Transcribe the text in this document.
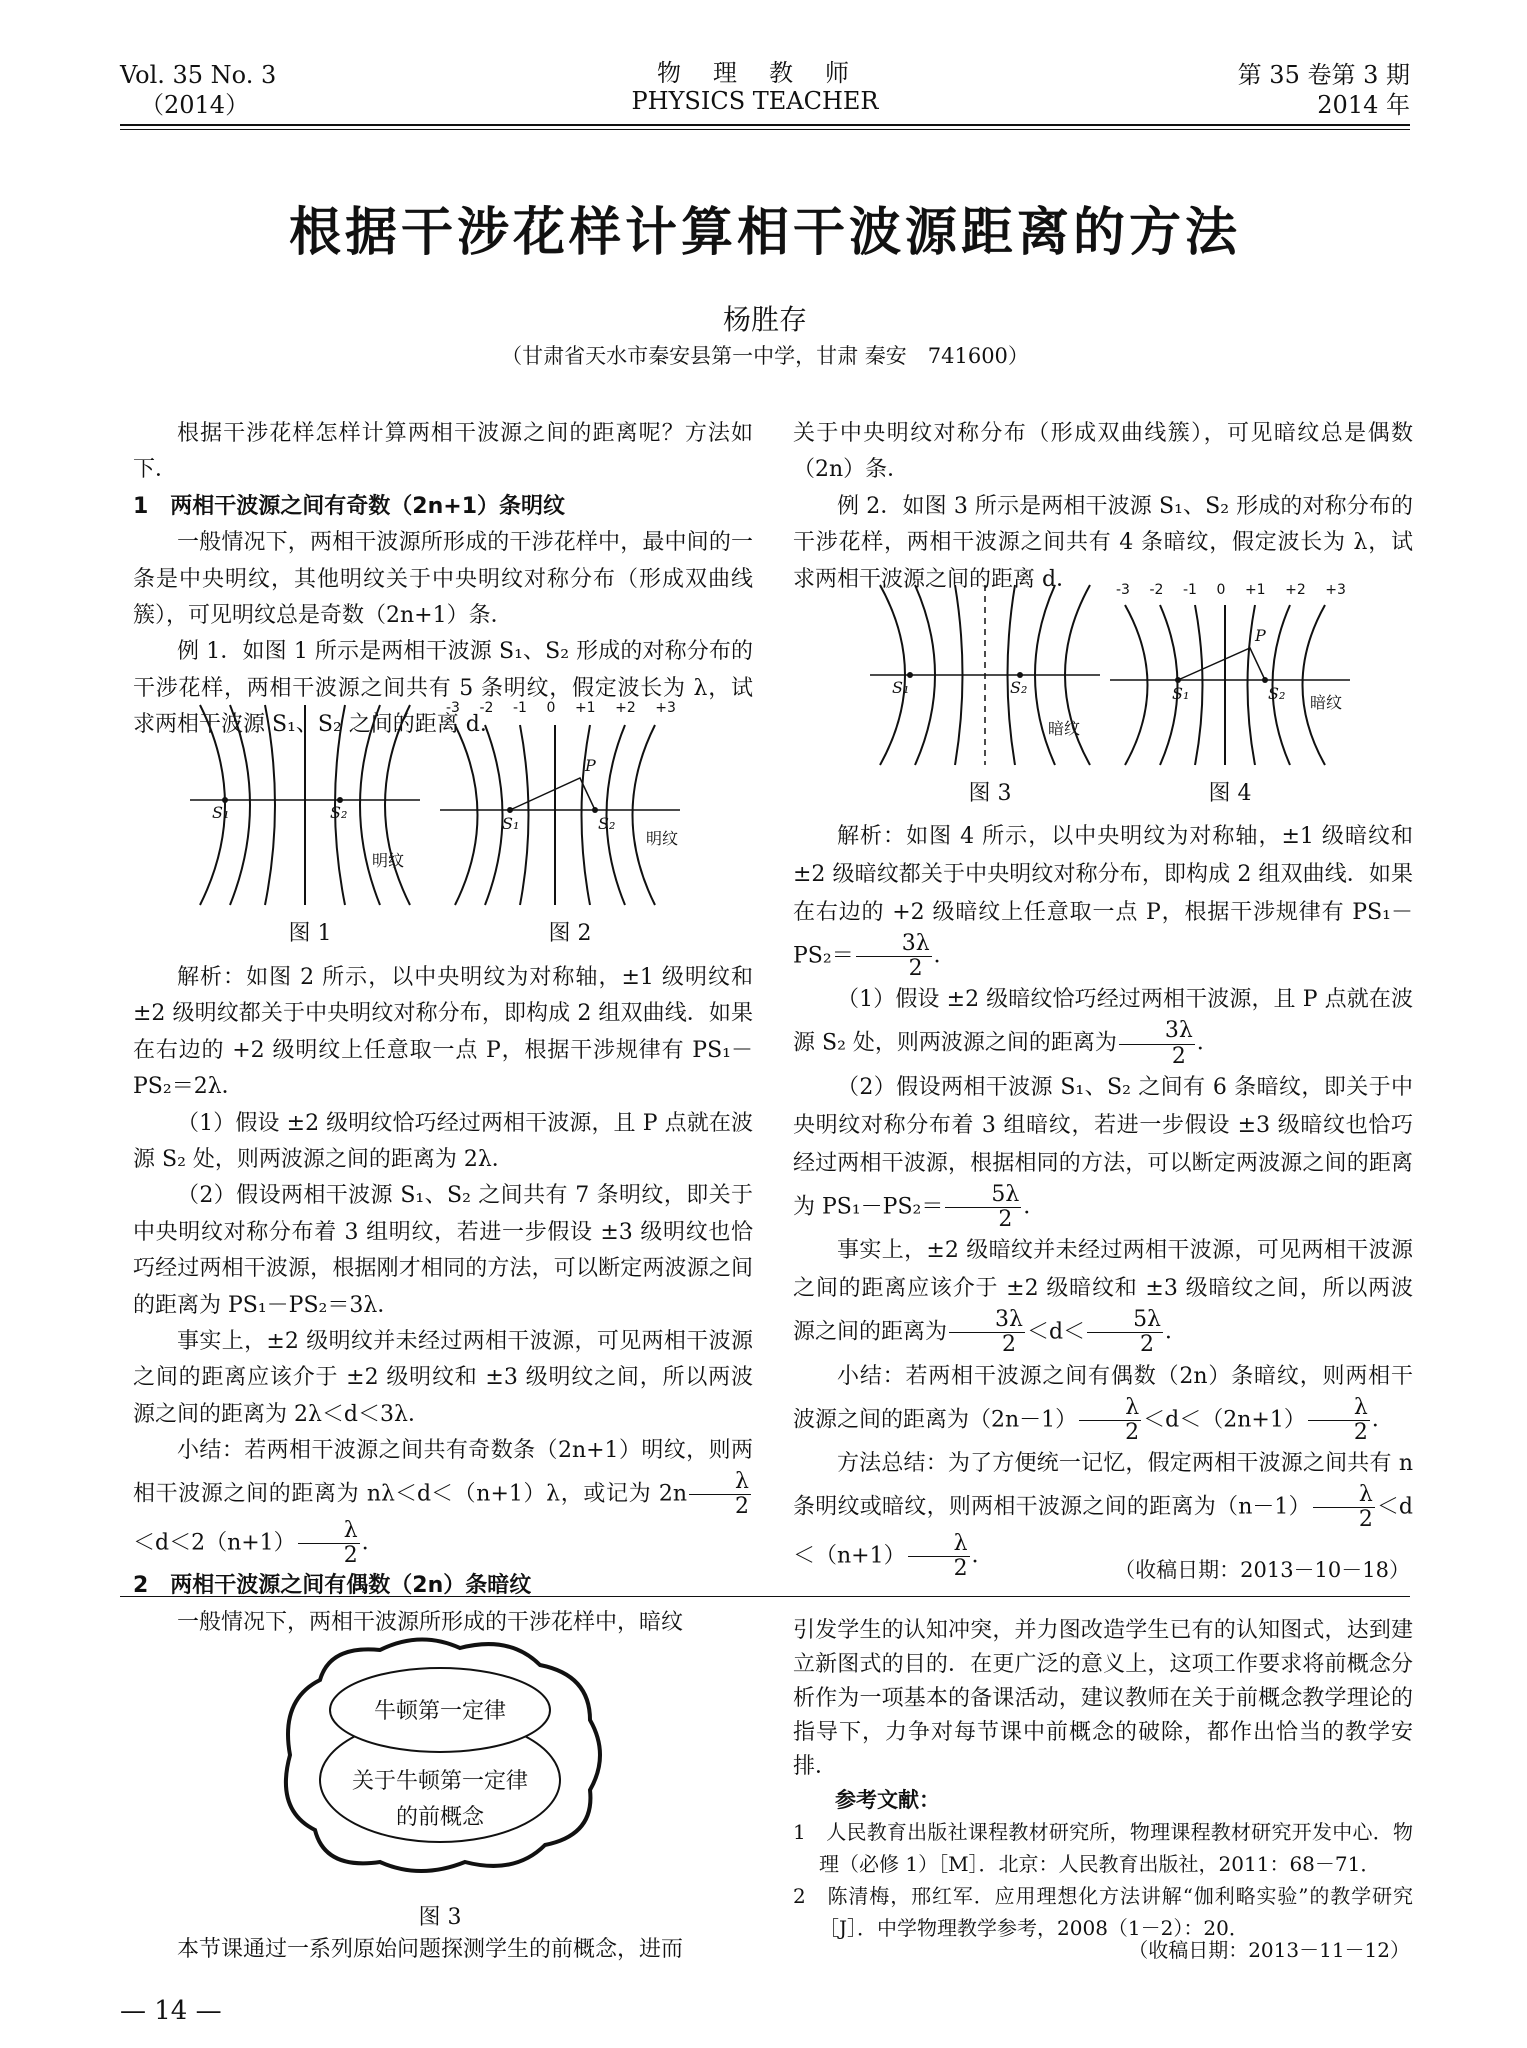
Vol. 35 No. 3
（2014）
物　理　教　师
PHYSICS TEACHER
第 35 卷第 3 期
2014 年
根据干涉花样计算相干波源距离的方法
杨胜存
（甘肃省天水市秦安县第一中学，甘肃 秦安　741600）

根据干涉花样怎样计算两相干波源之间的距离呢？方法如下．

1　两相干波源之间有奇数（2n+1）条明纹

一般情况下，两相干波源所形成的干涉花样中，最中间的一条是中央明纹，其他明纹关于中央明纹对称分布（形成双曲线簇），可见明纹总是奇数（2n+1）条．

例 1．如图 1 所示是两相干波源 S₁、S₂ 形成的对称分布的干涉花样，两相干波源之间共有 5 条明纹，假定波长为 λ，试求两相干波源 S₁、S₂ 之间的距离 d．

S₁	S₂
明纹
-3 -2 -1 0 +1 +2 +3
P
S₁	S₂
明纹
图 1	图 2

解析：如图 2 所示，以中央明纹为对称轴，±1 级明纹和±2 级明纹都关于中央明纹对称分布，即构成 2 组双曲线．如果在右边的 +2 级明纹上任意取一点 P，根据干涉规律有 PS₁－PS₂＝2λ．

（1）假设 ±2 级明纹恰巧经过两相干波源，且 P 点就在波源 S₂ 处，则两波源之间的距离为 2λ．

（2）假设两相干波源 S₁、S₂ 之间共有 7 条明纹，即关于中央明纹对称分布着 3 组明纹，若进一步假设 ±3 级明纹也恰巧经过两相干波源，根据刚才相同的方法，可以断定两波源之间的距离为 PS₁－PS₂＝3λ．

事实上，±2 级明纹并未经过两相干波源，可见两相干波源之间的距离应该介于 ±2 级明纹和 ±3 级明纹之间，所以两波源之间的距离为 2λ＜d＜3λ．

小结：若两相干波源之间共有奇数条（2n+1）明纹，则两相干波源之间的距离为 nλ＜d＜（n+1）λ，或记为 $2n \frac{\lambda}{2}$
$<d<2(n+1) \frac{\lambda}{2}$ ．

2　两相干波源之间有偶数（2n）条暗纹

一般情况下，两相干波源所形成的干涉花样中，暗纹

关于中央明纹对称分布（形成双曲线簇），可见暗纹总是偶数（2n）条．

例 2．如图 3 所示是两相干波源 S₁、S₂ 形成的对称分布的干涉花样，两相干波源之间共有 4 条暗纹，假定波长为 λ，试求两相干波源之间的距离 d．

S₁	S₂
暗纹
-3 -2 -1 0 +1 +2 +3
P
S₁	S₂ 暗纹
图 3	图 4

解析：如图 4 所示，以中央明纹为对称轴，±1 级暗纹和 ±2 级暗纹都关于中央明纹对称分布，即构成 2 组双曲线．如果在右边的 +2 级暗纹上任意取一点 P，根据干涉规律有 $PS_1-PS_2= \frac{3\lambda}{2}$ ．

（1）假设 ±2 级暗纹恰巧经过两相干波源，且 P 点就在波源 S₂ 处，则两波源之间的距离为 $\frac{3\lambda}{2}$ ．

（2）假设两相干波源 S₁、S₂ 之间有 6 条暗纹，即关于中央明纹对称分布着 3 组暗纹，若进一步假设 ±3 级暗纹也恰巧经过两相干波源，根据相同的方法，可以断定两波源之间的距离为 $PS_1-PS_2= \frac{5\lambda}{2}$ ．

事实上，±2 级暗纹并未经过两相干波源，可见两相干波源之间的距离应该介于 ±2 级暗纹和 ±3 级暗纹之间，所以两波源之间的距离为 $\frac{3\lambda}{2} <d< \frac{5\lambda}{2}$ ．

小结：若两相干波源之间有偶数（2n）条暗纹，则两相干波源之间的距离为$(2n-1) \frac{\lambda}{2} <d<(2n+1) \frac{\lambda}{2}$ ．

方法总结：为了方便统一记忆，假定两相干波源之间共有 n 条明纹或暗纹，则两相干波源之间的距离为$(n-1) \frac{\lambda}{2} <d<(n+1) \frac{\lambda}{2}$ ．

（收稿日期：2013－10－18）
牛顿第一定律
关于牛顿第一定律
的前概念
图 3
本节课通过一系列原始问题探测学生的前概念，进而

引发学生的认知冲突，并力图改造学生已有的认知图式，达到建立新图式的目的．在更广泛的意义上，这项工作要求将前概念分析作为一项基本的备课活动，建议教师在关于前概念教学理论的指导下，力争对每节课中前概念的破除，都作出恰当的教学安排．

参考文献：

1　人民教育出版社课程教材研究所，物理课程教材研究开发中心．物理（必修 1）［M］．北京：人民教育出版社，2011：68－71．

2　陈清梅，邢红军．应用理想化方法讲解“伽利略实验”的教学研究［J］．中学物理教学参考，2008（1－2）：20．

（收稿日期：2013－11－12）
— 14 —
